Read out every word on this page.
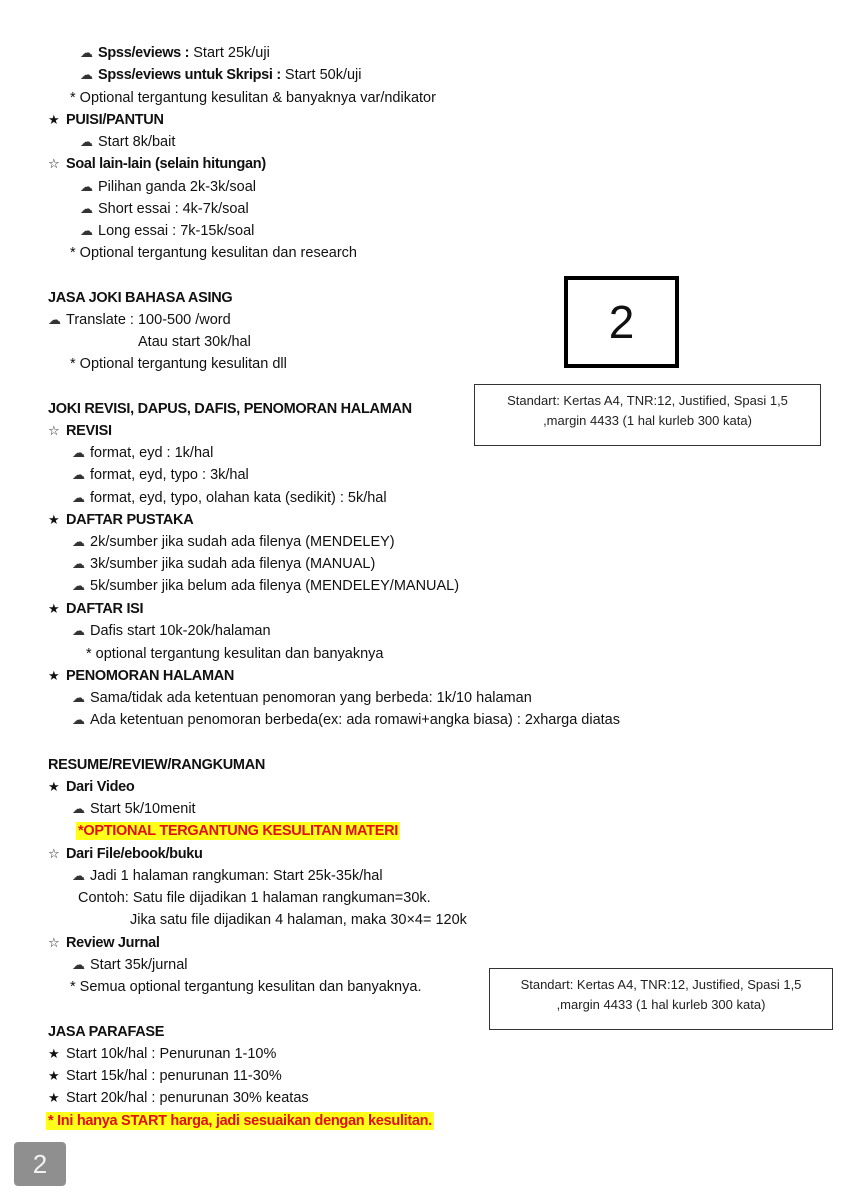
☁ Spss/eviews : Start 25k/uji
☁ Spss/eviews untuk Skripsi : Start 50k/uji
* Optional tergantung kesulitan & banyaknya var/ndikator
★ PUISI/PANTUN
☁ Start 8k/bait
☆ Soal lain-lain (selain hitungan)
☁ Pilihan ganda 2k-3k/soal
☁ Short essai : 4k-7k/soal
☁ Long essai : 7k-15k/soal
* Optional tergantung kesulitan dan research
JASA JOKI BAHASA ASING
☁ Translate : 100-500 /word
Atau start 30k/hal
* Optional tergantung kesulitan dll
2
Standart: Kertas A4, TNR:12, Justified, Spasi 1,5
,margin 4433 (1 hal kurleb 300 kata)
JOKI REVISI, DAPUS, DAFIS, PENOMORAN HALAMAN
☆ REVISI
☁ format, eyd : 1k/hal
☁ format, eyd, typo : 3k/hal
☁ format, eyd, typo, olahan kata (sedikit) : 5k/hal
★ DAFTAR PUSTAKA
☁ 2k/sumber jika sudah ada filenya (MENDELEY)
☁ 3k/sumber jika sudah ada filenya (MANUAL)
☁ 5k/sumber jika belum ada filenya (MENDELEY/MANUAL)
★ DAFTAR ISI
☁ Dafis start 10k-20k/halaman
* optional tergantung kesulitan dan banyaknya
★ PENOMORAN HALAMAN
☁ Sama/tidak ada ketentuan penomoran yang berbeda: 1k/10 halaman
☁ Ada ketentuan penomoran berbeda(ex: ada romawi+angka biasa) : 2xharga diatas
RESUME/REVIEW/RANGKUMAN
★ Dari Video
☁ Start 5k/10menit
*OPTIONAL TERGANTUNG KESULITAN MATERI
☆ Dari File/ebook/buku
☁ Jadi 1 halaman rangkuman: Start 25k-35k/hal
Contoh: Satu file dijadikan 1 halaman rangkuman=30k.
Jika satu file dijadikan 4 halaman, maka 30×4= 120k
☆ Review Jurnal
☁ Start 35k/jurnal
* Semua optional tergantung kesulitan dan banyaknya.	Standart: Kertas A4, TNR:12, Justified, Spasi 1,5
,margin 4433 (1 hal kurleb 300 kata)
JASA PARAFASE
★ Start 10k/hal : Penurunan 1-10%
★ Start 15k/hal : penurunan 11-30%
★ Start 20k/hal : penurunan 30% keatas
* Ini hanya START harga, jadi sesuaikan dengan kesulitan.
2
